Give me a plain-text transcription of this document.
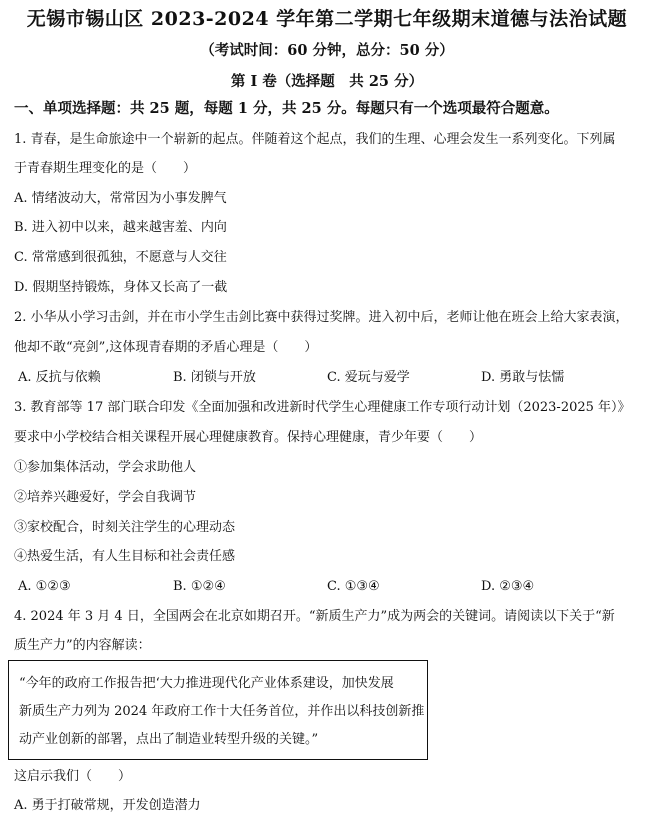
无锡市锡山区 2023-2024 学年第二学期七年级期末道德与法治试题
（考试时间：60 分钟，总分：50 分）
第 I 卷（选择题　共 25 分）
一、单项选择题：共 25 题，每题 1 分，共 25 分。每题只有一个选项最符合题意。
1. 青春，是生命旅途中一个崭新的起点。伴随着这个起点，我们的生理、心理会发生一系列变化。下列属
于青春期生理变化的是（　　）
A. 情绪波动大，常常因为小事发脾气
B. 进入初中以来，越来越害羞、内向
C. 常常感到很孤独，不愿意与人交往
D. 假期坚持锻炼，身体又长高了一截
2. 小华从小学习击剑，并在市小学生击剑比赛中获得过奖牌。进入初中后，老师让他在班会上给大家表演，
他却不敢“亮剑”,这体现青春期的矛盾心理是（　　）
A. 反抗与依赖	B. 闭锁与开放	C. 爱玩与爱学	D. 勇敢与怯懦
3. 教育部等 17 部门联合印发《全面加强和改进新时代学生心理健康工作专项行动计划（2023-2025 年）》
要求中小学校结合相关课程开展心理健康教育。保持心理健康，青少年要（　　）
①参加集体活动，学会求助他人
②培养兴趣爱好，学会自我调节
③家校配合，时刻关注学生的心理动态
④热爱生活，有人生目标和社会责任感
A. ①②③	B. ①②④	C. ①③④	D. ②③④
4. 2024 年 3 月 4 日，全国两会在北京如期召开。“新质生产力”成为两会的关键词。请阅读以下关于“新
质生产力”的内容解读：
“今年的政府工作报告把‘大力推进现代化产业体系建设，加快发展
新质生产力列为 2024 年政府工作十大任务首位，并作出以科技创新推
动产业创新的部署，点出了制造业转型升级的关键。”
这启示我们（　　）
A. 勇于打破常规，开发创造潜力
